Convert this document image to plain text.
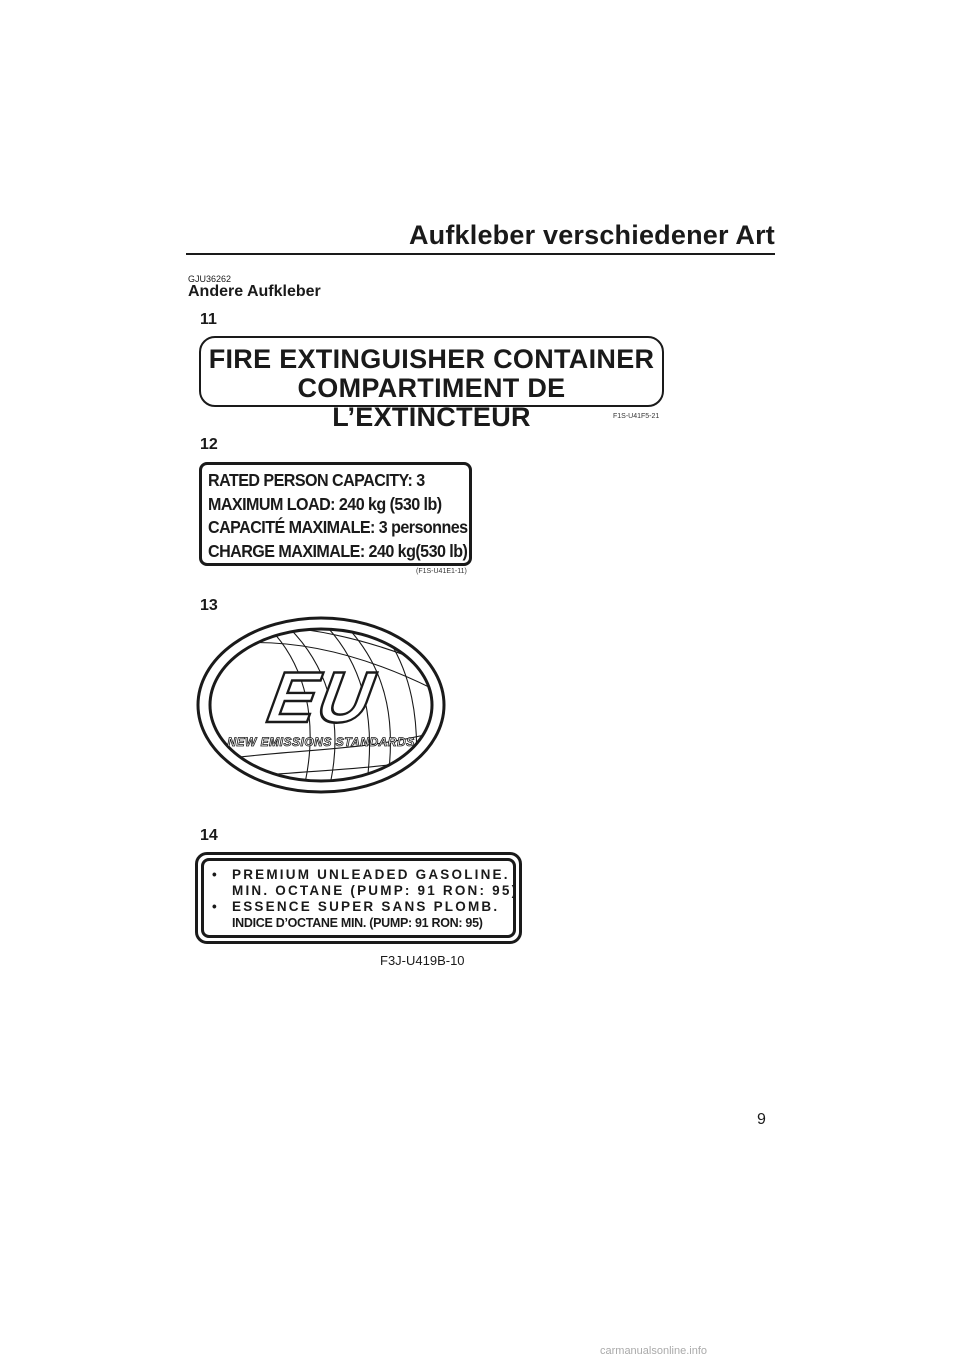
Aufkleber verschiedener Art
GJU36262
Andere Aufkleber
11
FIRE EXTINGUISHER CONTAINER
COMPARTIMENT DE L’EXTINCTEUR	F1S-U41F5-21
12
RATED PERSON CAPACITY: 3
MAXIMUM LOAD: 240 kg (530 lb)
CAPACITÉ MAXIMALE: 3 personnes
CHARGE MAXIMALE: 240 kg(530 lb)
(F1S-U41E1-11)
13
EU
NEW EMISSIONS STANDARDS
14
• PREMIUM UNLEADED GASOLINE.
MIN. OCTANE (PUMP: 91 RON: 95)
• ESSENCE SUPER SANS PLOMB.
INDICE D’OCTANE MIN. (PUMP: 91 RON: 95)
F3J-U419B-10
9
carmanualsonline.info
